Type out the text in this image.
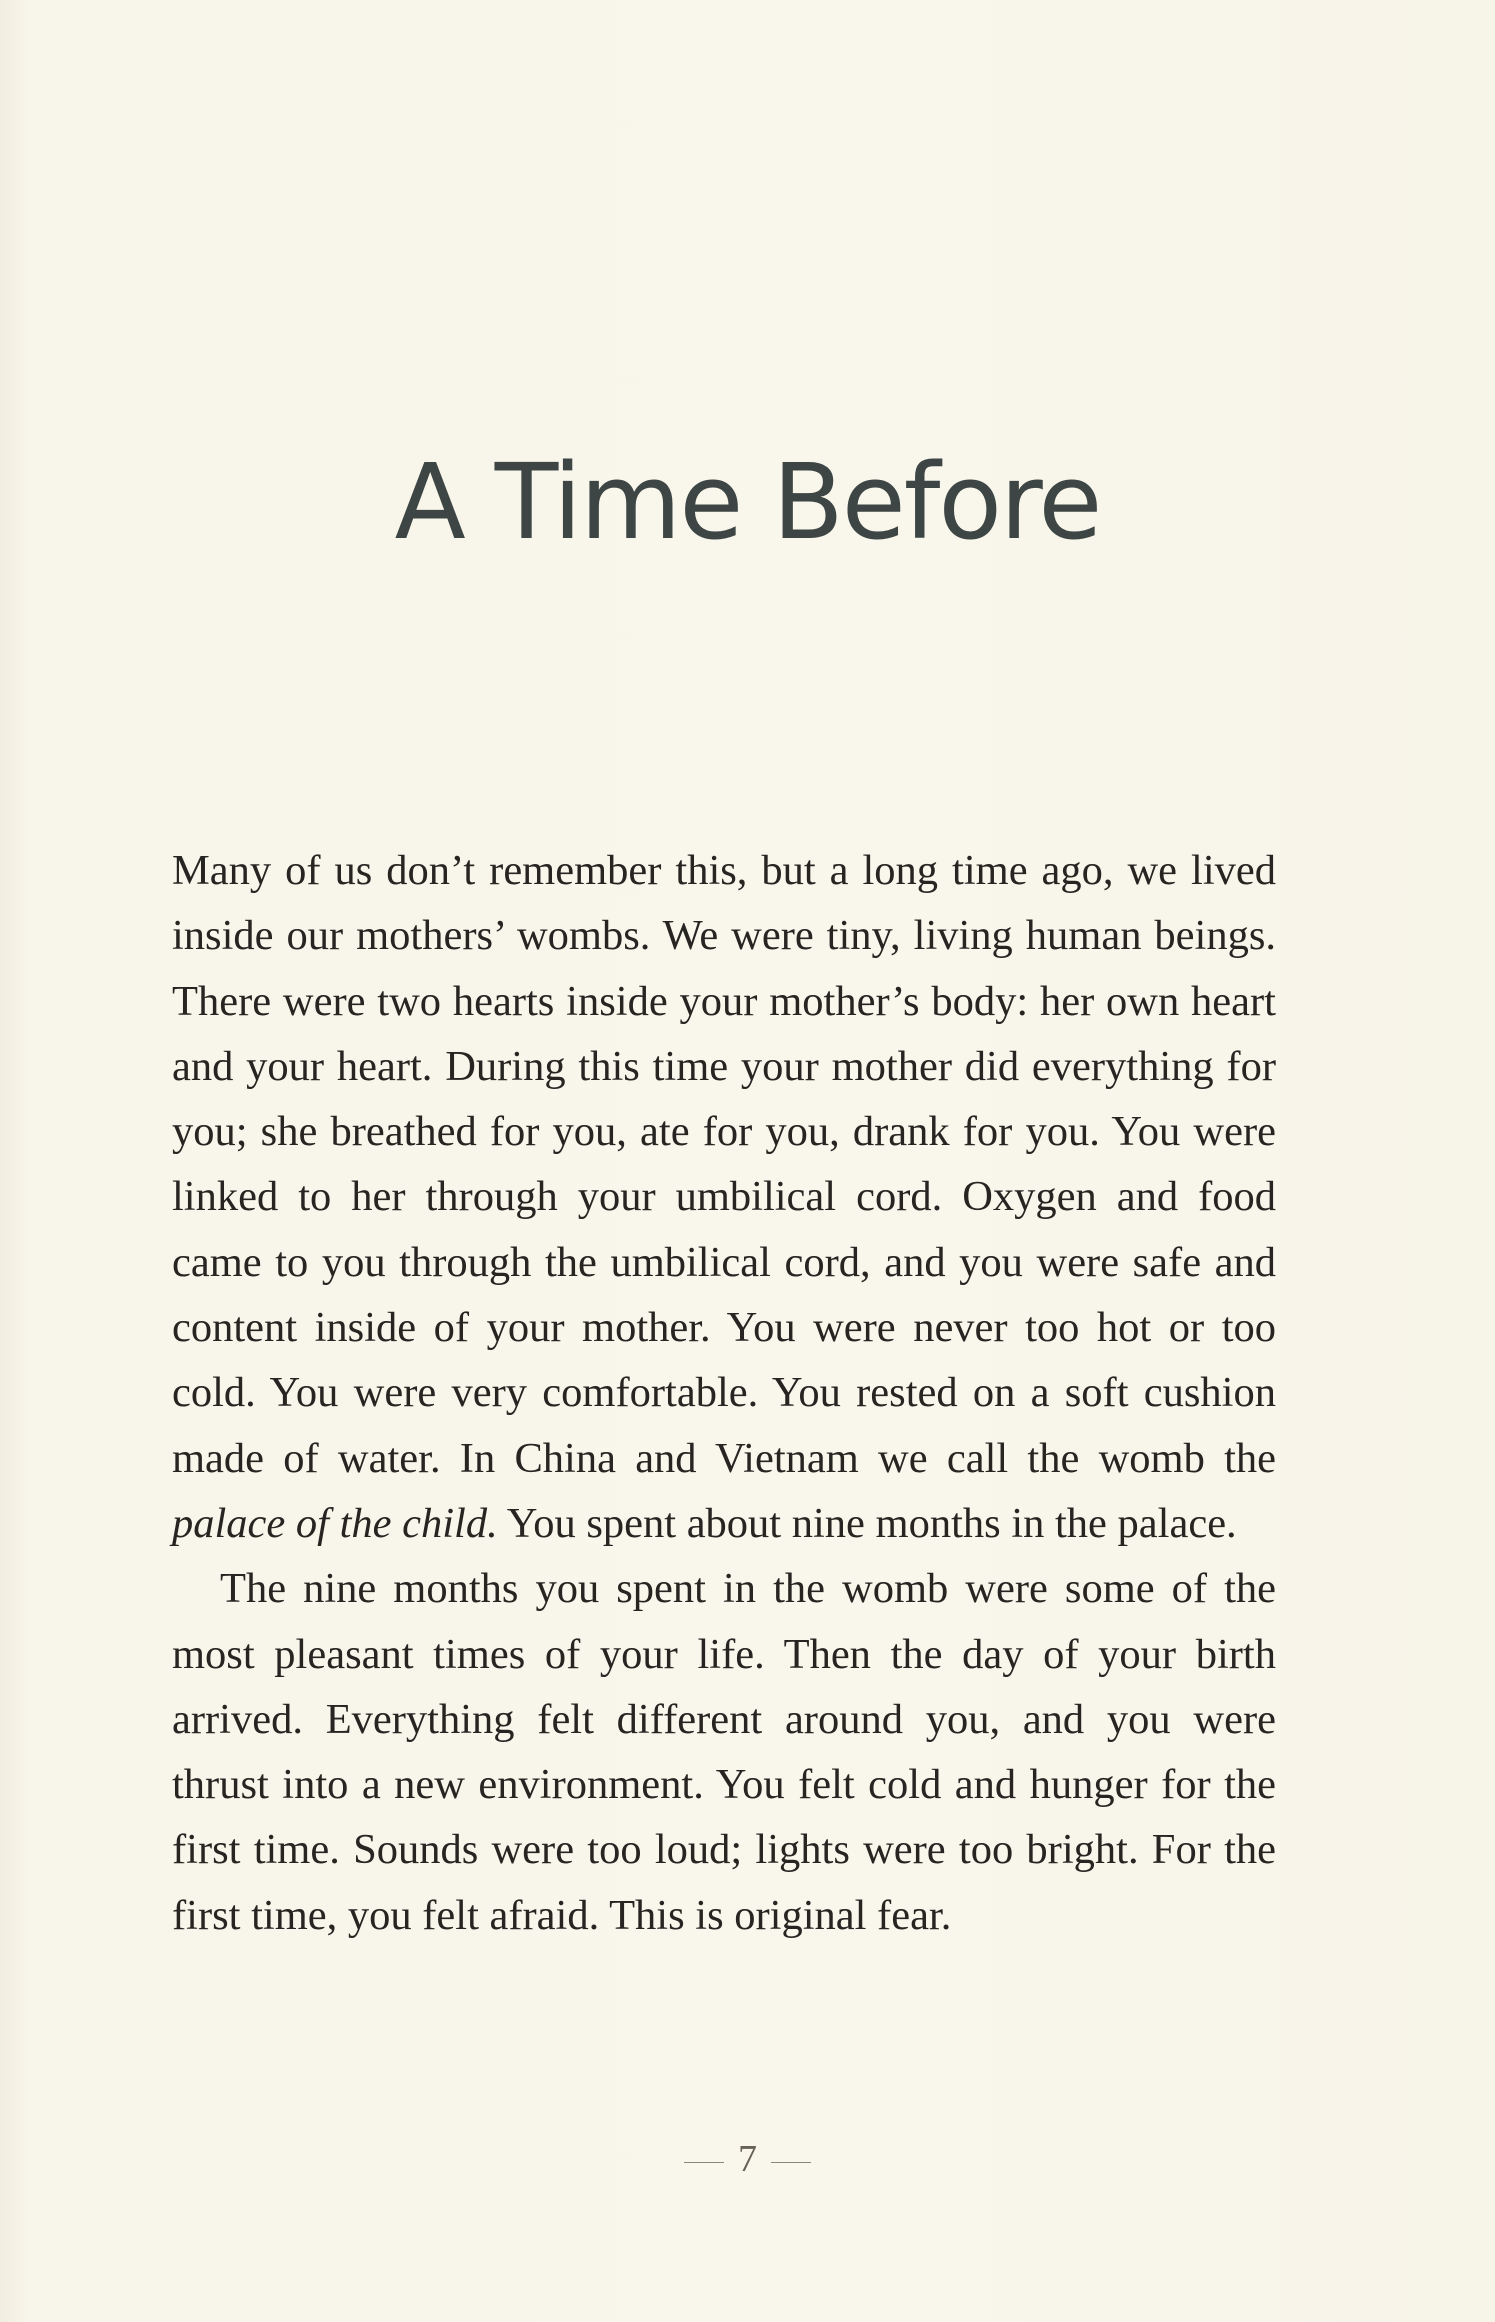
A Time Before

Many of us don’t remember this, but a long time ago, we lived inside our mothers’ wombs. We were tiny, living human beings. There were two hearts inside your mother’s body: her own heart and your heart. During this time your mother did everything for you; she breathed for you, ate for you, drank for you. You were linked to her through your umbilical cord. Oxygen and food came to you through the umbilical cord, and you were safe and content inside of your mother. You were never too hot or too cold. You were very comfortable. You rested on a soft cushion made of water. In China and Vietnam we call the womb the palace of the child. You spent about nine months in the palace.

The nine months you spent in the womb were some of the most pleasant times of your life. Then the day of your birth arrived. Everything felt different around you, and you were thrust into a new environment. You felt cold and hunger for the first time. Sounds were too loud; lights were too bright. For the first time, you felt afraid. This is original fear.

7
